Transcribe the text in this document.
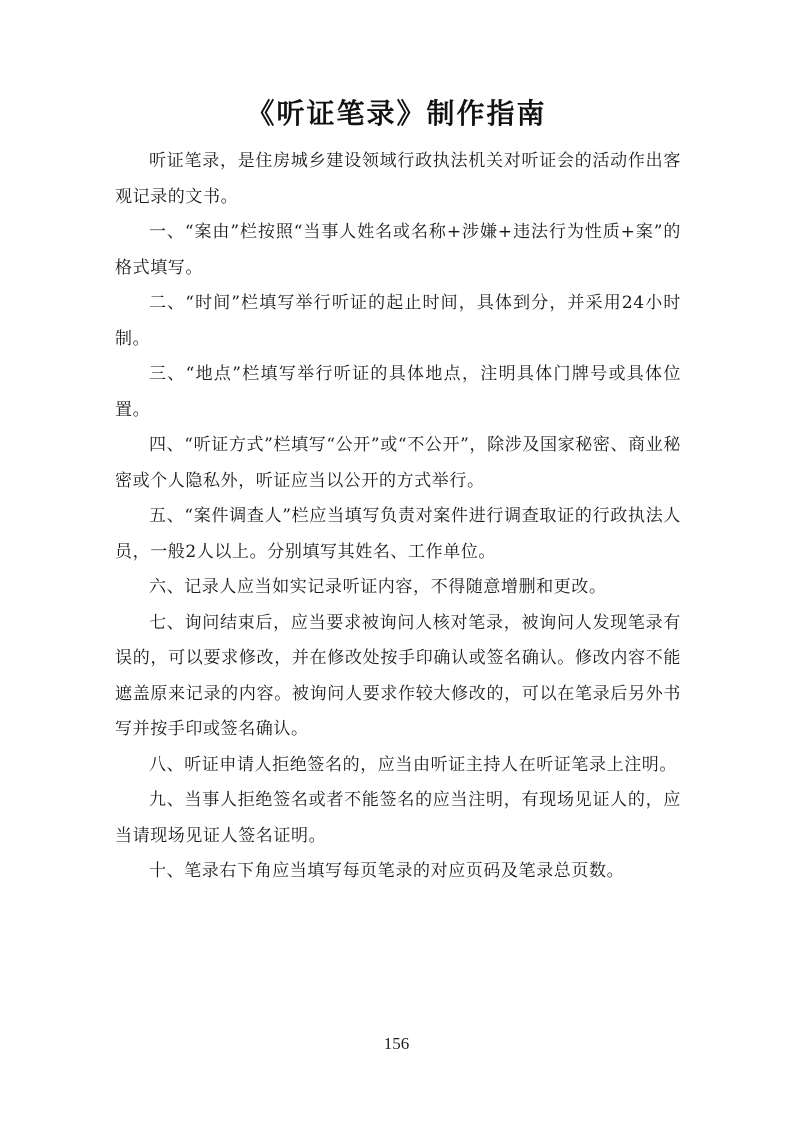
《听证笔录》制作指南

听证笔录，是住房城乡建设领域行政执法机关对听证会的活动作出客观记录的文书。

一、“案由”栏按照“当事人姓名或名称+涉嫌+违法行为性质+案”的格式填写。

二、“时间”栏填写举行听证的起止时间，具体到分，并采用24小时制。

三、“地点”栏填写举行听证的具体地点，注明具体门牌号或具体位置。

四、“听证方式”栏填写“公开”或“不公开”，除涉及国家秘密、商业秘密或个人隐私外，听证应当以公开的方式举行。

五、“案件调查人”栏应当填写负责对案件进行调查取证的行政执法人员，一般2人以上。分别填写其姓名、工作单位。

六、记录人应当如实记录听证内容，不得随意增删和更改。

七、询问结束后，应当要求被询问人核对笔录，被询问人发现笔录有误的，可以要求修改，并在修改处按手印确认或签名确认。修改内容不能遮盖原来记录的内容。被询问人要求作较大修改的，可以在笔录后另外书写并按手印或签名确认。

八、听证申请人拒绝签名的，应当由听证主持人在听证笔录上注明。

九、当事人拒绝签名或者不能签名的应当注明，有现场见证人的，应当请现场见证人签名证明。

十、笔录右下角应当填写每页笔录的对应页码及笔录总页数。

156
